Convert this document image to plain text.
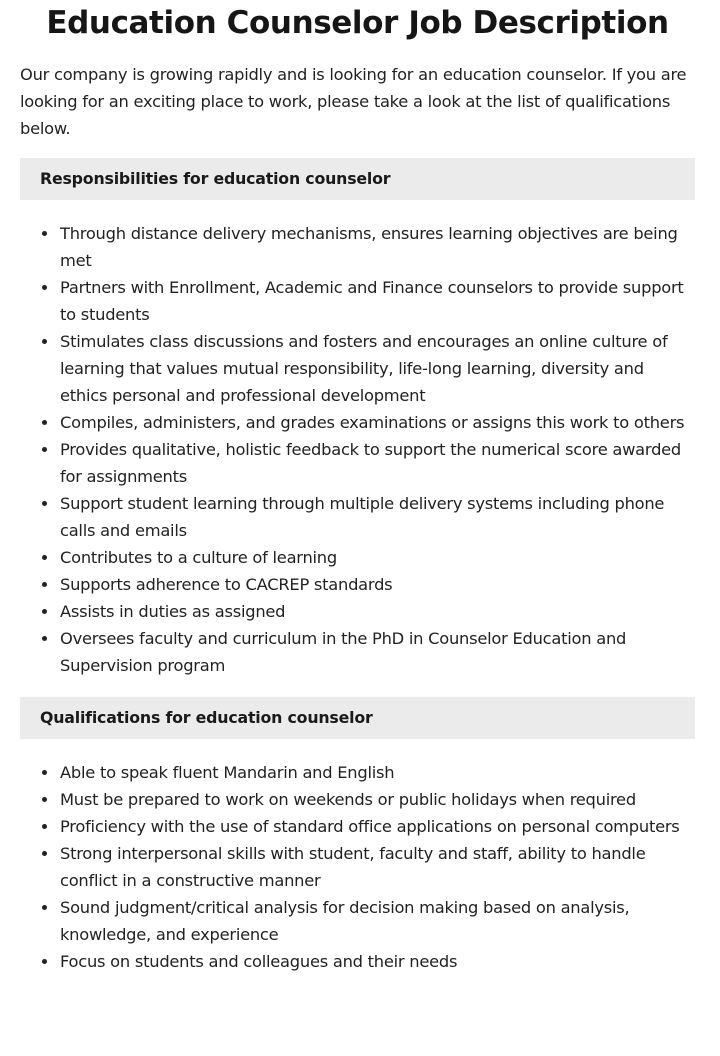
Education Counselor Job Description

Our company is growing rapidly and is looking for an education counselor. If you are looking for an exciting place to work, please take a look at the list of qualifications below.

Responsibilities for education counselor
Through distance delivery mechanisms, ensures learning objectives are being met
Partners with Enrollment, Academic and Finance counselors to provide support to students
Stimulates class discussions and fosters and encourages an online culture of learning that values mutual responsibility, life-long learning, diversity and ethics personal and professional development
Compiles, administers, and grades examinations or assigns this work to others
Provides qualitative, holistic feedback to support the numerical score awarded for assignments
Support student learning through multiple delivery systems including phone calls and emails
Contributes to a culture of learning
Supports adherence to CACREP standards
Assists in duties as assigned
Oversees faculty and curriculum in the PhD in Counselor Education and Supervision program
Qualifications for education counselor
Able to speak fluent Mandarin and English
Must be prepared to work on weekends or public holidays when required
Proficiency with the use of standard office applications on personal computers
Strong interpersonal skills with student, faculty and staff, ability to handle conflict in a constructive manner
Sound judgment/critical analysis for decision making based on analysis, knowledge, and experience
Focus on students and colleagues and their needs
